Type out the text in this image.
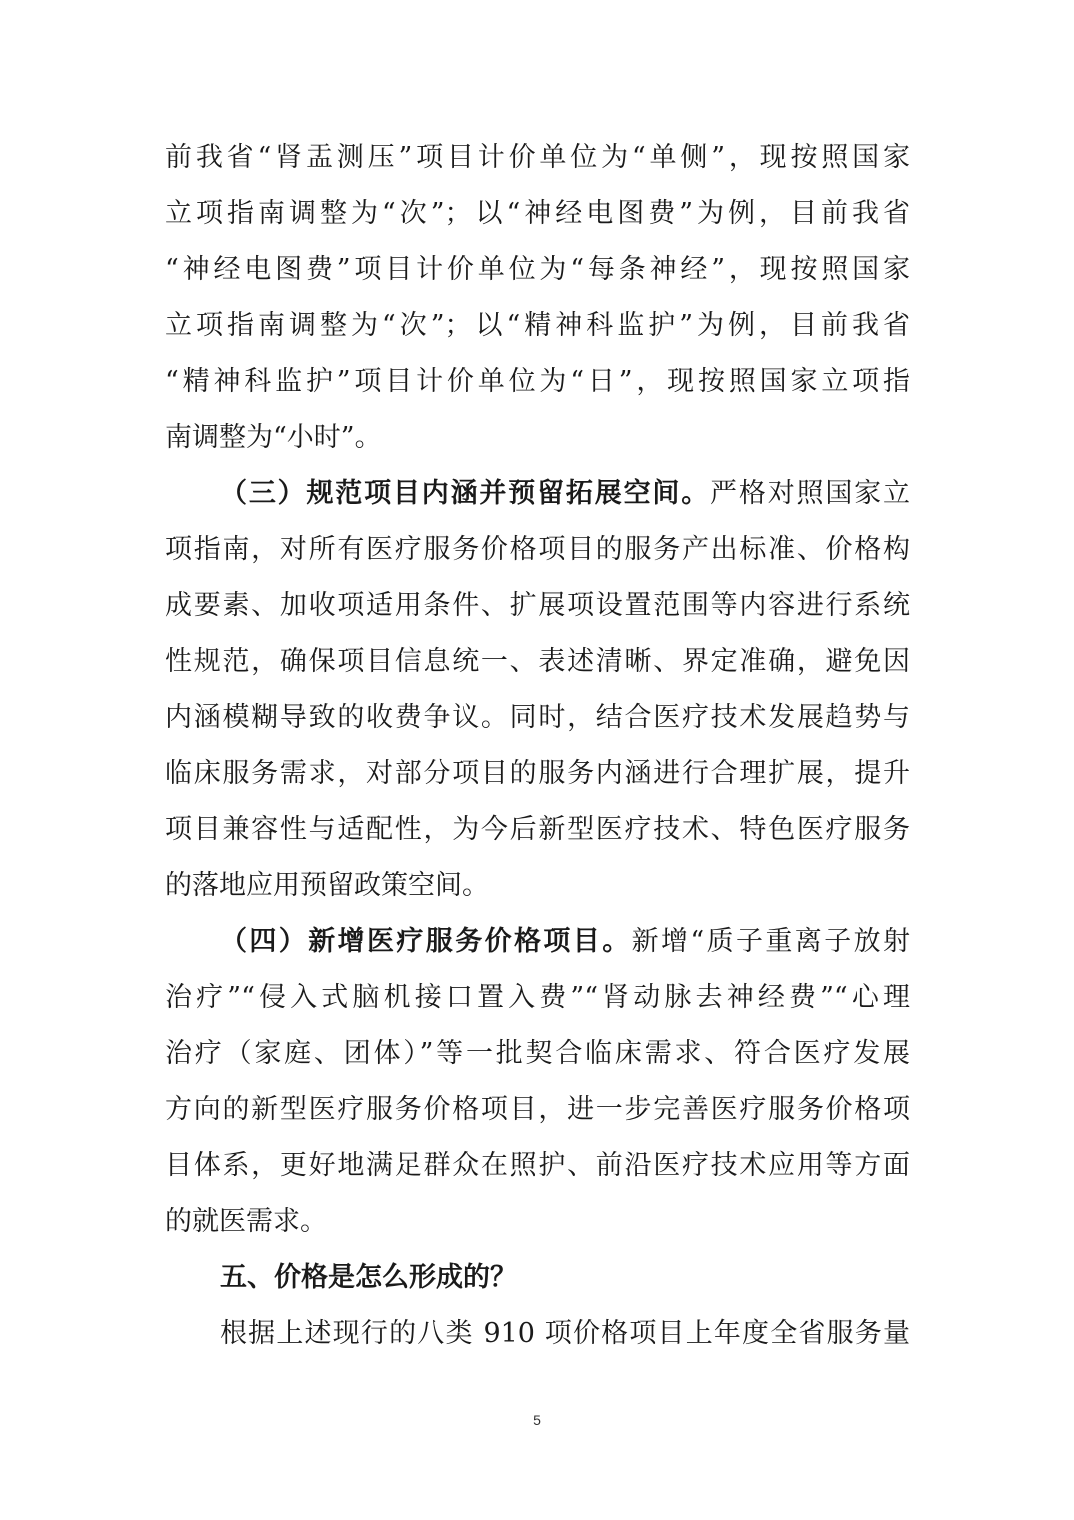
前我省“肾盂测压”项目计价单位为“单侧”，现按照国家
立项指南调整为“次”；以“神经电图费”为例，目前我省
“神经电图费”项目计价单位为“每条神经”，现按照国家
立项指南调整为“次”；以“精神科监护”为例，目前我省
“精神科监护”项目计价单位为“日”，现按照国家立项指
南调整为“小时”。
（三）规范项目内涵并预留拓展空间。严格对照国家立
项指南，对所有医疗服务价格项目的服务产出标准、价格构
成要素、加收项适用条件、扩展项设置范围等内容进行系统
性规范，确保项目信息统一、表述清晰、界定准确，避免因
内涵模糊导致的收费争议。同时，结合医疗技术发展趋势与
临床服务需求，对部分项目的服务内涵进行合理扩展，提升
项目兼容性与适配性，为今后新型医疗技术、特色医疗服务
的落地应用预留政策空间。
（四）新增医疗服务价格项目。新增“质子重离子放射
治疗”“侵入式脑机接口置入费”“肾动脉去神经费”“心理
治疗（家庭、团体）”等一批契合临床需求、符合医疗发展
方向的新型医疗服务价格项目，进一步完善医疗服务价格项
目体系，更好地满足群众在照护、前沿医疗技术应用等方面
的就医需求。
五、价格是怎么形成的？
根据上述现行的八类 910 项价格项目上年度全省服务量
5
